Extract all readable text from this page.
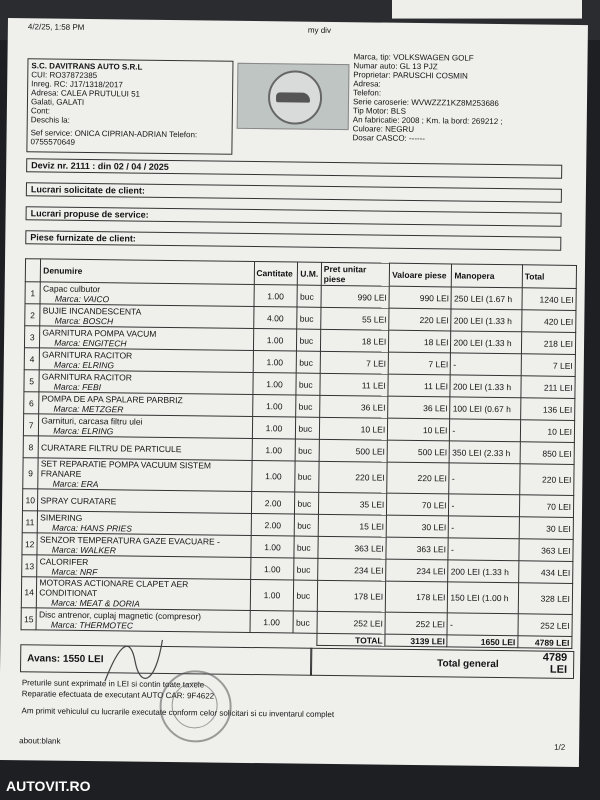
4/2/25, 1:58 PM	my div
S.C. DAVITRANS AUTO S.R.L
CUI: RO37872385
Inreg. RC: J17/1318/2017
Adresa: CALEA PRUTULUI 51
Galati, GALATI
Cont:
Deschis la:
Sef service: ONICA CIPRIAN-ADRIAN Telefon:
0755570649
Marca, tip: VOLKSWAGEN GOLF
Numar auto: GL 13 PJZ
Proprietar: PARUSCHI COSMIN
Adresa:
Telefon:
Serie caroserie: WVWZZZ1KZ8M253686
Tip Motor: BLS
An fabricatie: 2008 ; Km. la bord: 269212 ;
Culoare: NEGRU
Dosar CASCO: ------
Deviz nr. 2111 : din 02 / 04 / 2025
Lucrari solicitate de client:
Lucrari propuse de service:
Piese furnizate de client:
	Denumire	Cantitate	U.M.	Pret unitar piese	Valoare piese	Manopera	Total
1	Capac culbutor
Marca: VAICO	1.00	buc	990 LEI	990 LEI	250 LEI (1.67 h	1240 LEI
2	BUJIE INCANDESCENTA
Marca: BOSCH	4.00	buc	55 LEI	220 LEI	200 LEI (1.33 h	420 LEI
3	GARNITURA POMPA VACUM
Marca: ENGITECH	1.00	buc	18 LEI	18 LEI	200 LEI (1.33 h	218 LEI
4	GARNITURA RACITOR
Marca: ELRING	1.00	buc	7 LEI	7 LEI	-	7 LEI
5	GARNITURA RACITOR
Marca: FEBI	1.00	buc	11 LEI	11 LEI	200 LEI (1.33 h	211 LEI
6	POMPA DE APA SPALARE PARBRIZ
Marca: METZGER	1.00	buc	36 LEI	36 LEI	100 LEI (0.67 h	136 LEI
7	Garnituri, carcasa filtru ulei
Marca: ELRING	1.00	buc	10 LEI	10 LEI	-	10 LEI
8	CURATARE FILTRU DE PARTICULE	1.00	buc	500 LEI	500 LEI	350 LEI (2.33 h	850 LEI
9	SET REPARATIE POMPA VACUUM SISTEM FRANARE
Marca: ERA	1.00	buc	220 LEI	220 LEI	-	220 LEI
10	SPRAY CURATARE	2.00	buc	35 LEI	70 LEI	-	70 LEI
11	SIMERING
Marca: HANS PRIES	2.00	buc	15 LEI	30 LEI	-	30 LEI
12	SENZOR TEMPERATURA GAZE EVACUARE -
Marca: WALKER	1.00	buc	363 LEI	363 LEI	-	363 LEI
13	CALORIFER
Marca: NRF	1.00	buc	234 LEI	234 LEI	200 LEI (1.33 h	434 LEI
14	MOTORAS ACTIONARE CLAPET AER CONDITIONAT
Marca: MEAT & DORIA	1.00	buc	178 LEI	178 LEI	150 LEI (1.00 h	328 LEI
15	Disc antrenor, cuplaj magnetic (compresor)
Marca: THERMOTEC	1.00	buc	252 LEI	252 LEI	-	252 LEI
				TOTAL	3139 LEI	1650 LEI	4789 LEI
Avans: 1550 LEI	Total general
4789
LEI
Preturile sunt exprimate in LEI si contin toate taxele
Reparatie efectuata de executant AUTO CAR: 9F4622
Am primit vehiculul cu lucrarile executate conform celor solicitari si cu inventarul complet
about:blank
1/2
AUTOVIT.RO
